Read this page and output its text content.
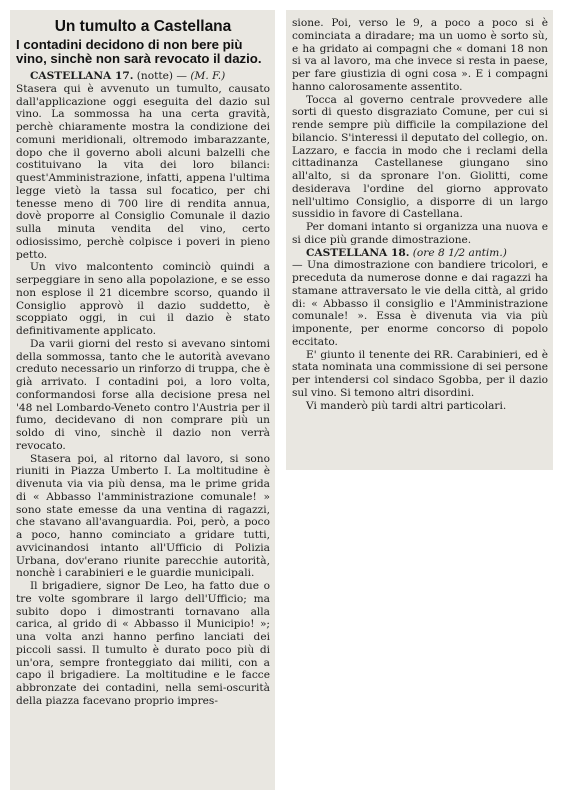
Un tumulto a Castellana
I contadini decidono di non bere più vino, sinchè non sarà revocato il dazio.

CASTELLANA 17. (notte) — (M. F.)

Stasera qui è avvenuto un tumulto, causato dall'applicazione oggi eseguita del dazio sul vino. La sommossa ha una certa gravità, perchè chiaramente mostra la condizione dei comuni meridionali, oltremodo imbarazzante, dopo che il governo aboli alcuni balzelli che costituivano la vita dei loro bilanci: quest'Amministrazione, infatti, appena l'ultima legge vietò la tassa sul focatico, per chi tenesse meno di 700 lire di rendita annua, dovè proporre al Consiglio Comunale il dazio sulla minuta vendita del vino, certo odiosissimo, perchè colpisce i poveri in pieno petto.

Un vivo malcontento cominciò quindi a serpeggiare in seno alla popolazione, e se esso non esplose il 21 dicembre scorso, quando il Consiglio approvò il dazio suddetto, è scoppiato oggi, in cui il dazio è stato definitivamente applicato.

Da varii giorni del resto si avevano sintomi della sommossa, tanto che le autorità avevano creduto necessario un rinforzo di truppa, che è già arrivato. I contadini poi, a loro volta, conformandosi forse alla decisione presa nel '48 nel Lombardo-Veneto contro l'Austria per il fumo, decidevano di non comprare più un soldo di vino, sinchè il dazio non verrà revocato.

Stasera poi, al ritorno dal lavoro, si sono riuniti in Piazza Umberto I. La moltitudine è divenuta via via più densa, ma le prime grida di « Abbasso l'amministrazione comunale! » sono state emesse da una ventina di ragazzi, che stavano all'avanguardia. Poi, però, a poco a poco, hanno cominciato a gridare tutti, avvicinandosi intanto all'Ufficio di Polizia Urbana, dov'erano riunite parecchie autorità, nonchè i carabinieri e le guardie municipali.

Il brigadiere, signor De Leo, ha fatto due o tre volte sgombrare il largo dell'Ufficio; ma subito dopo i dimostranti tornavano alla carica, al grido di « Abbasso il Municipio! »; una volta anzi hanno perfino lanciati dei piccoli sassi. Il tumulto è durato poco più di un'ora, sempre fronteggiato dai militi, con a capo il brigadiere. La moltitudine e le facce abbronzate dei contadini, nella semi-oscurità della piazza facevano proprio impres-

sione. Poi, verso le 9, a poco a poco si è cominciata a diradare; ma un uomo è sorto sù, e ha gridato ai compagni che « domani 18 non si va al lavoro, ma che invece si resta in paese, per fare giustizia di ogni cosa ». E i compagni hanno calorosamente assentito.

Tocca al governo centrale provvedere alle sorti di questo disgraziato Comune, per cui si rende sempre più difficile la compilazione del bilancio. S'interessi il deputato del collegio, on. Lazzaro, e faccia in modo che i reclami della cittadinanza Castellanese giungano sino all'alto, si da spronare l'on. Giolitti, come desiderava l'ordine del giorno approvato nell'ultimo Consiglio, a disporre di un largo sussidio in favore di Castellana.

Per domani intanto si organizza una nuova e si dice più grande dimostrazione.

CASTELLANA 18. (ore 8 1/2 antim.)

— Una dimostrazione con bandiere tricolori, e preceduta da numerose donne e dai ragazzi ha stamane attraversato le vie della città, al grido di: « Abbasso il consiglio e l'Amministrazione comunale! ». Essa è divenuta via via più imponente, per enorme concorso di popolo eccitato.

E' giunto il tenente dei RR. Carabinieri, ed è stata nominata una commissione di sei persone per intendersi col sindaco Sgobba, per il dazio sul vino. Si temono altri disordini.

Vi manderò più tardi altri particolari.
